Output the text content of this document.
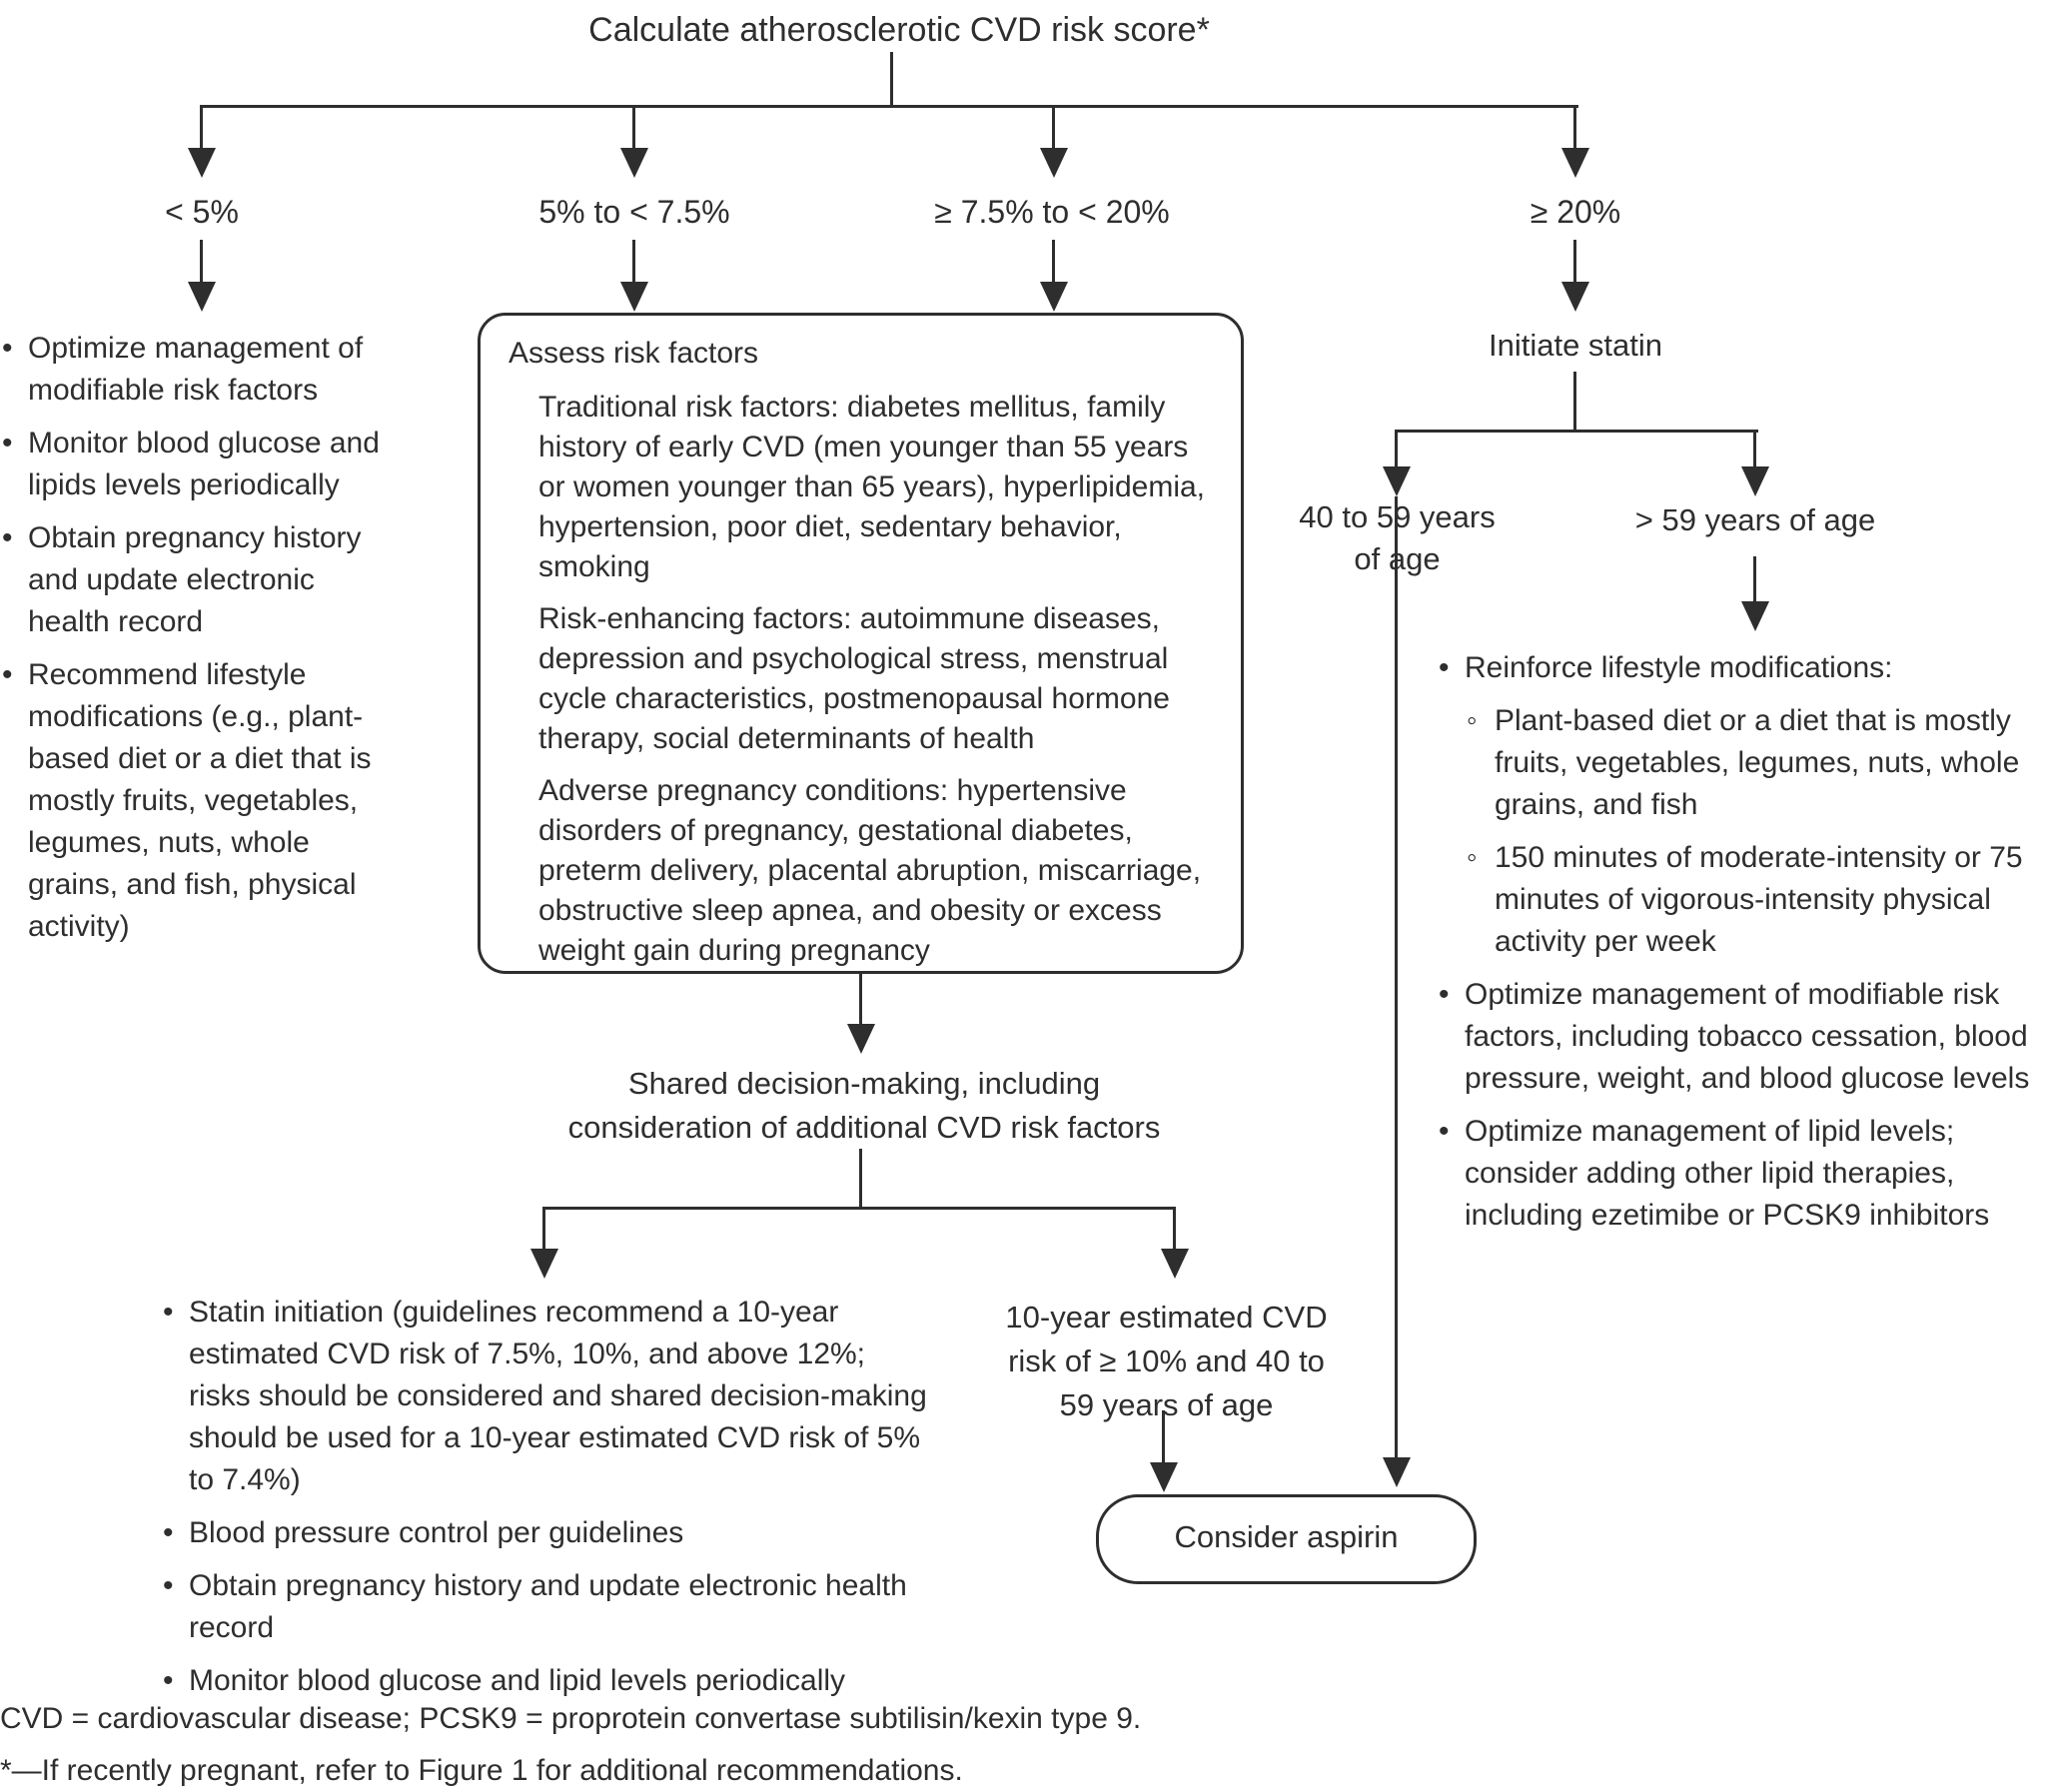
Calculate atherosclerotic CVD risk score*
< 5%	5% to < 7.5%	≥ 7.5% to < 20%	≥ 20%
• Optimize management of modifiable risk factors
• Monitor blood glucose and lipids levels periodically
• Obtain pregnancy history and update electronic health record
• Recommend lifestyle modifications (e.g., plant-based diet or a diet that is mostly fruits, vegetables, legumes, nuts, whole grains, and fish, physical activity)
Assess risk factors
Traditional risk factors: diabetes mellitus, family history of early CVD (men younger than 55 years or women younger than 65 years), hyperlipidemia, hypertension, poor diet, sedentary behavior, smoking
Risk-enhancing factors: autoimmune diseases, depression and psychological stress, menstrual cycle characteristics, postmenopausal hormone therapy, social determinants of health
Adverse pregnancy conditions: hypertensive disorders of pregnancy, gestational diabetes, preterm delivery, placental abruption, miscarriage, obstructive sleep apnea, and obesity or excess weight gain during pregnancy
Initiate statin
40 to 59 years of age
> 59 years of age
• Reinforce lifestyle modifications:
◦ Plant-based diet or a diet that is mostly fruits, vegetables, legumes, nuts, whole grains, and fish
◦ 150 minutes of moderate-intensity or 75 minutes of vigorous-intensity physical activity per week
• Optimize management of modifiable risk factors, including tobacco cessation, blood pressure, weight, and blood glucose levels
• Optimize management of lipid levels; consider adding other lipid therapies, including ezetimibe or PCSK9 inhibitors
Shared decision-making, including consideration of additional CVD risk factors
• Statin initiation (guidelines recommend a 10-year estimated CVD risk of 7.5%, 10%, and above 12%; risks should be considered and shared decision-making should be used for a 10-year estimated CVD risk of 5% to 7.4%)
• Blood pressure control per guidelines
• Obtain pregnancy history and update electronic health record
• Monitor blood glucose and lipid levels periodically
10-year estimated CVD risk of ≥ 10% and 40 to 59 years of age
Consider aspirin
CVD = cardiovascular disease; PCSK9 = proprotein convertase subtilisin/kexin type 9.
*—If recently pregnant, refer to Figure 1 for additional recommendations.
